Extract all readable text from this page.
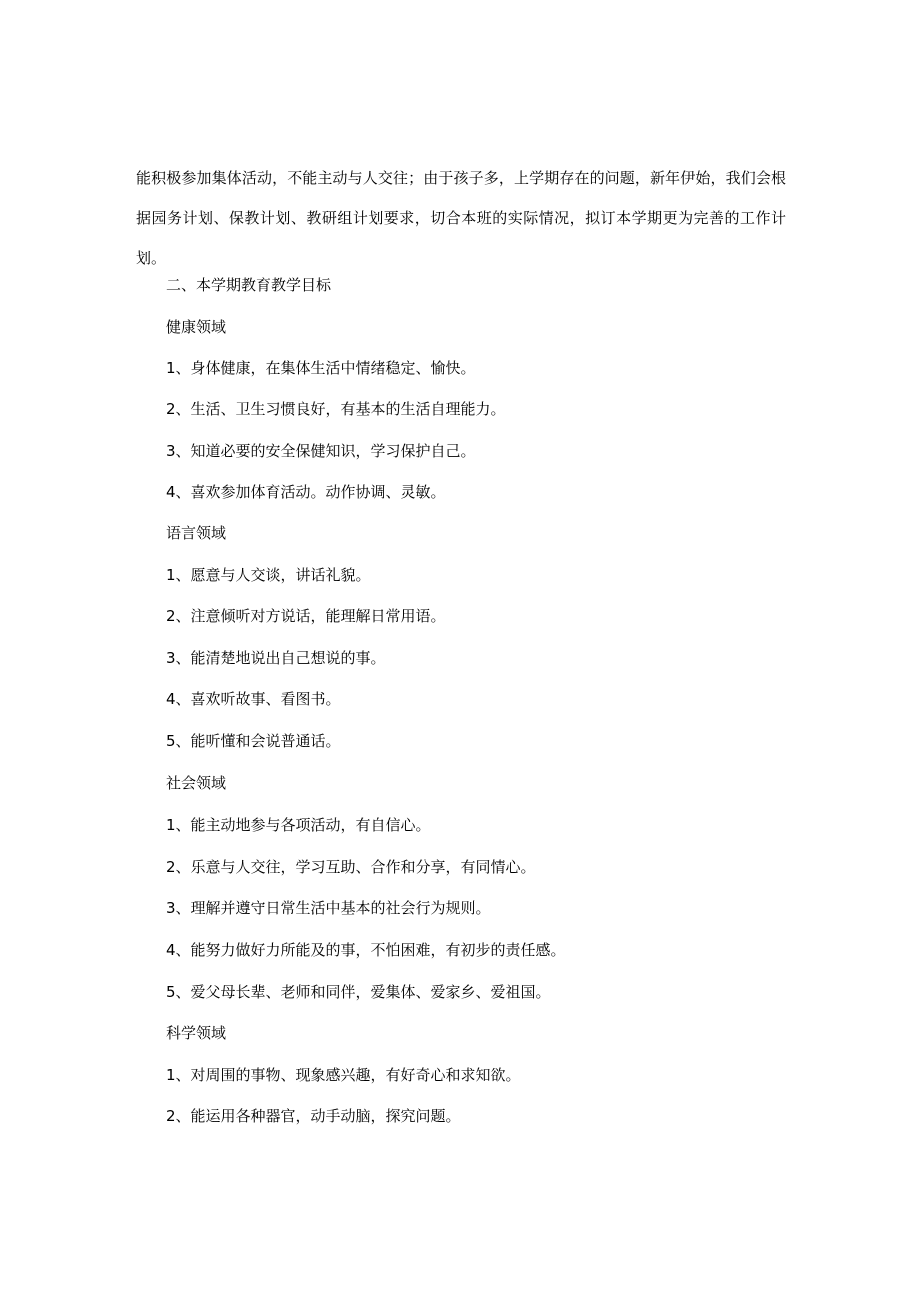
能积极参加集体活动，不能主动与人交往；由于孩子多，上学期存在的问题，新年伊始，我们会根据园务计划、保教计划、教研组计划要求，切合本班的实际情况，拟订本学期更为完善的工作计划。

二、本学期教育教学目标

健康领域

1、身体健康，在集体生活中情绪稳定、愉快。

2、生活、卫生习惯良好，有基本的生活自理能力。

3、知道必要的安全保健知识，学习保护自己。

4、喜欢参加体育活动。动作协调、灵敏。

语言领域

1、愿意与人交谈，讲话礼貌。

2、注意倾听对方说话，能理解日常用语。

3、能清楚地说出自己想说的事。

4、喜欢听故事、看图书。

5、能听懂和会说普通话。

社会领域

1、能主动地参与各项活动，有自信心。

2、乐意与人交往，学习互助、合作和分享，有同情心。

3、理解并遵守日常生活中基本的社会行为规则。

4、能努力做好力所能及的事，不怕困难，有初步的责任感。

5、爱父母长辈、老师和同伴，爱集体、爱家乡、爱祖国。

科学领域

1、对周围的事物、现象感兴趣，有好奇心和求知欲。

2、能运用各种器官，动手动脑，探究问题。
